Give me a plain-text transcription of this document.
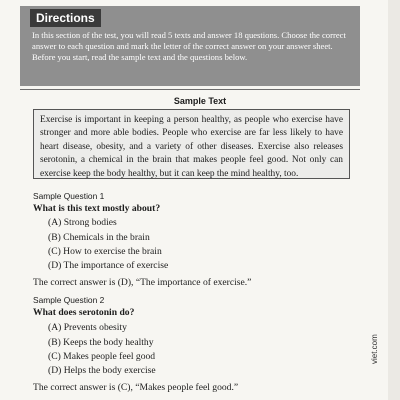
Directions

In this section of the test, you will read 5 texts and answer 18 questions. Choose the correct answer to each question and mark the letter of the correct answer on your answer sheet.

Before you start, read the sample text and the questions below.

Sample Text
Exercise is important in keeping a person healthy, as people who exercise have stronger and more able bodies. People who exercise are far less likely to have heart disease, obesity, and a variety of other diseases. Exercise also releases serotonin, a chemical in the brain that makes people feel good. Not only can exercise keep the body healthy, but it can keep the mind healthy, too.
Sample Question 1
What is this text mostly about?
(A) Strong bodies
(B) Chemicals in the brain
(C) How to exercise the brain
(D) The importance of exercise
The correct answer is (D), “The importance of exercise.”
Sample Question 2
What does serotonin do?
(A) Prevents obesity
(B) Keeps the body healthy
(C) Makes people feel good
(D) Helps the body exercise
The correct answer is (C), “Makes people feel good.”
viet.com
